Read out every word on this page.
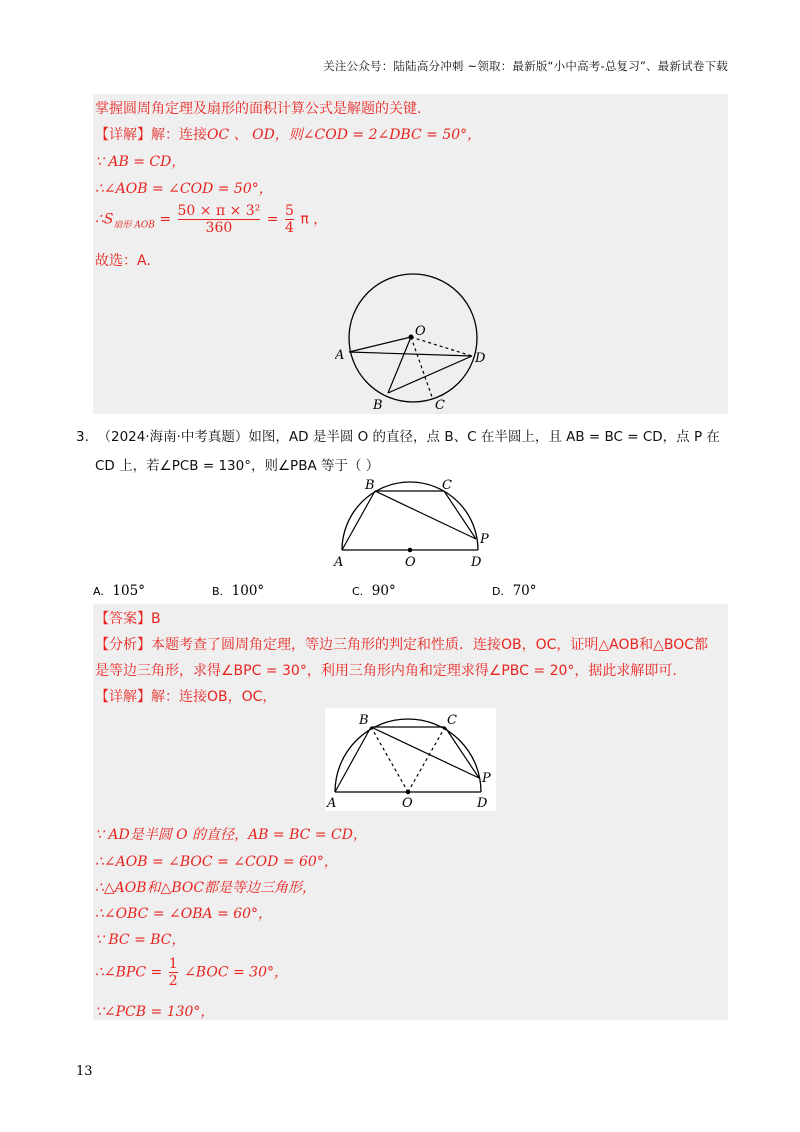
关注公众号：陆陆高分冲刺 ~领取：最新版“小中高考-总复习”、最新试卷下载
掌握圆周角定理及扇形的面积计算公式是解题的关键.
【详解】解：连接OC 、 OD，则∠COD = 2∠DBC = 50°，
∵ AB = CD，
∴∠AOB = ∠COD = 50°，
$\therefore S_{扇形 AOB} = \frac{\text{50 × π × 3²}}{360} = \frac{5}{4}$ π ，
故选：A.
O
A
B	C
D
3. （2024·海南·中考真题）如图，AD 是半圆 O 的直径，点 B、C 在半圆上，且 AB = BC = CD，点 P 在
CD 上，若∠PCB = 130°，则∠PBA 等于（ ）
A
B	C
D
O
P
A. 105°	B. 100°	C. 90°	D. 70°
【答案】B
【分析】本题考查了圆周角定理，等边三角形的判定和性质．连接OB，OC，证明△AOB和△BOC都
是等边三角形，求得∠BPC = 30°，利用三角形内角和定理求得∠PBC = 20°，据此求解即可.
【详解】解：连接OB，OC，
A
B	C
D
O
P
∵ AD是半圆 O 的直径，AB = BC = CD，
∴∠AOB = ∠BOC = ∠COD = 60°，
∴△AOB和△BOC都是等边三角形，
∴∠OBC = ∠OBA = 60°，
∵ BC = BC，
∴∠BPC = $\frac{1}{2}$ ∠BOC = 30°，
∵∠PCB = 130°，
13
